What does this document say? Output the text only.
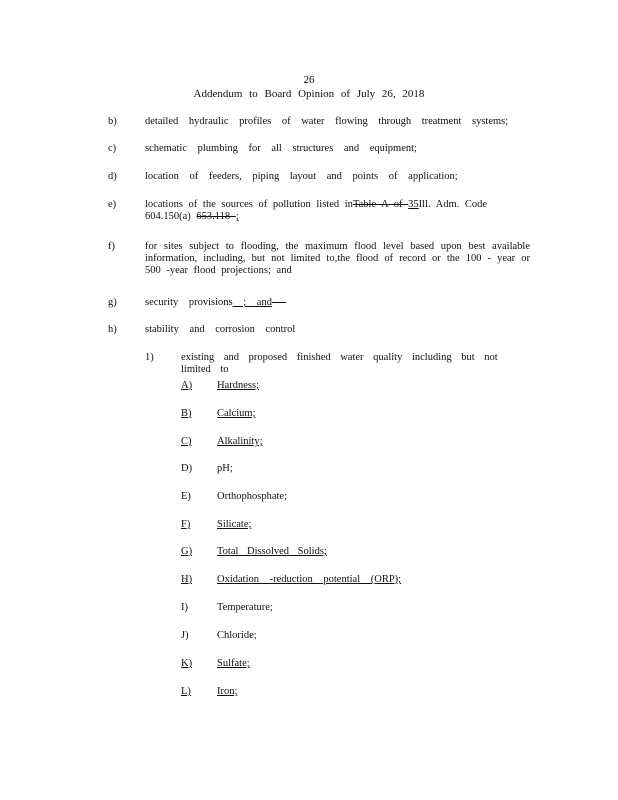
26
Addendum to Board Opinion of July 26, 2018
b)	detailed hydraulic profiles of water flowing through treatment systems;
c)	schematic plumbing for all structures and equipment;
d)	location of feeders, piping layout and points of application;
e)	locations of the sources of pollution listed inTable A of 35Ill. Adm. Code 604.150(a) 653.118 ;
f)	for sites subject to flooding, the maximum flood level based upon best available information, including, but not limited to,the flood of record or the 100 - year or 500 -year flood projections; and
g)	security provisions ; and -
h)	stability and corrosion control
1)	existing and proposed finished water quality including but not limited to
A) Hardness;
B) Calcium;
C) Alkalinity;
D) pH;
E) Orthophosphate;
F)	Silicate;
G) Total Dissolved Solids;
H) Oxidation -reduction potential (ORP);
I)	Temperature;
J)	Chloride;
K) Sulfate;
L) Iron;
